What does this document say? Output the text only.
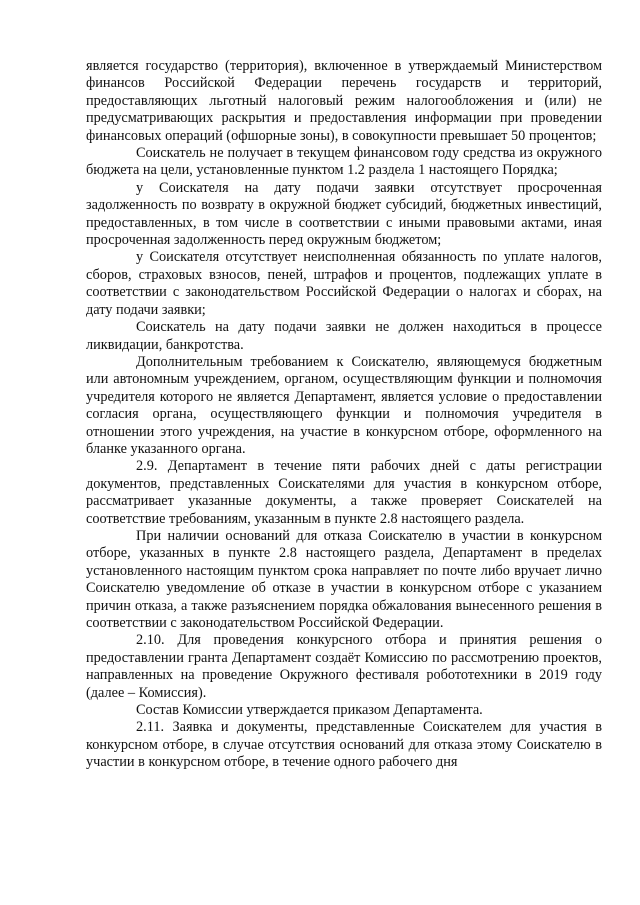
является государство (территория), включенное в утверждаемый Министерством финансов Российской Федерации перечень государств и территорий, предоставляющих льготный налоговый режим налогообложения и (или) не предусматривающих раскрытия и предоставления информации при проведении финансовых операций (офшорные зоны), в совокупности превышает 50 процентов;

Соискатель не получает в текущем финансовом году средства из окружного бюджета на цели, установленные пунктом 1.2 раздела 1 настоящего Порядка;

у Соискателя на дату подачи заявки отсутствует просроченная задолженность по возврату в окружной бюджет субсидий, бюджетных инвестиций, предоставленных, в том числе в соответствии с иными правовыми актами, иная просроченная задолженность перед окружным бюджетом;

у Соискателя отсутствует неисполненная обязанность по уплате налогов, сборов, страховых взносов, пеней, штрафов и процентов, подлежащих уплате в соответствии с законодательством Российской Федерации о налогах и сборах, на дату подачи заявки;

Соискатель на дату подачи заявки не должен находиться в процессе ликвидации, банкротства.

Дополнительным требованием к Соискателю, являющемуся бюджетным или автономным учреждением, органом, осуществляющим функции и полномочия учредителя которого не является Департамент, является условие о предоставлении согласия органа, осуществляющего функции и полномочия учредителя в отношении этого учреждения, на участие в конкурсном отборе, оформленного на бланке указанного органа.

2.9. Департамент в течение пяти рабочих дней с даты регистрации документов, представленных Соискателями для участия в конкурсном отборе, рассматривает указанные документы, а также проверяет Соискателей на соответствие требованиям, указанным в пункте 2.8 настоящего раздела.

При наличии оснований для отказа Соискателю в участии в конкурсном отборе, указанных в пункте 2.8 настоящего раздела, Департамент в пределах установленного настоящим пунктом срока направляет по почте либо вручает лично Соискателю уведомление об отказе в участии в конкурсном отборе с указанием причин отказа, а также разъяснением порядка обжалования вынесенного решения в соответствии с законодательством Российской Федерации.

2.10. Для проведения конкурсного отбора и принятия решения о предоставлении гранта Департамент создаёт Комиссию по рассмотрению проектов, направленных на проведение Окружного фестиваля робототехники в 2019 году (далее – Комиссия).

Состав Комиссии утверждается приказом Департамента.

2.11. Заявка и документы, представленные Соискателем для участия в конкурсном отборе, в случае отсутствия оснований для отказа этому Соискателю в участии в конкурсном отборе, в течение одного рабочего дня
